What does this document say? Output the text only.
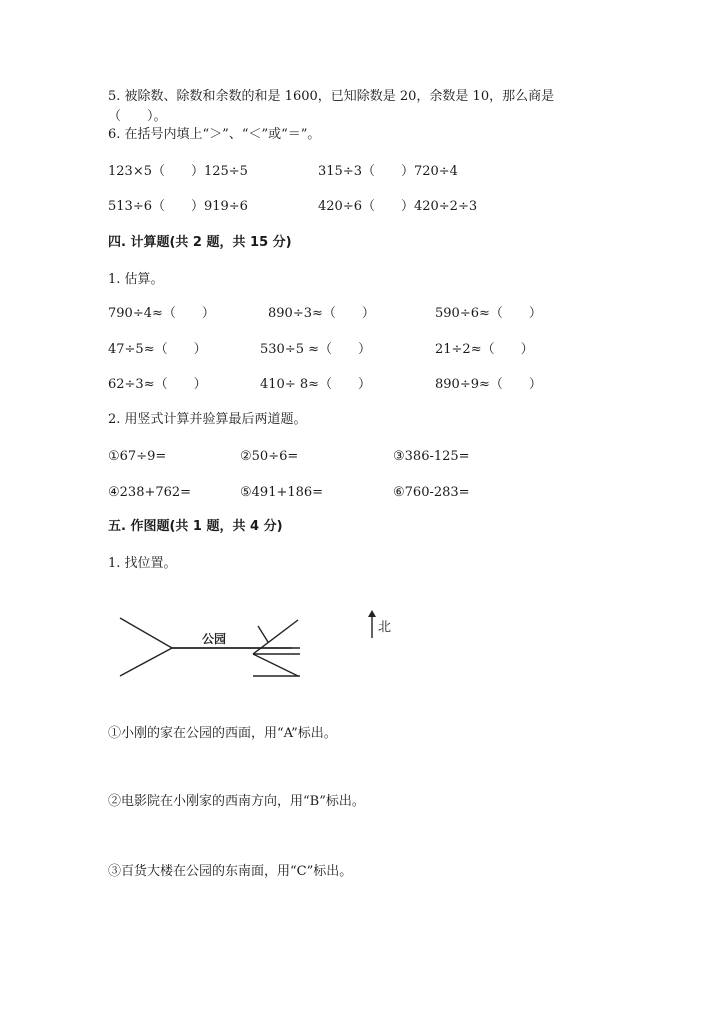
5. 被除数、除数和余数的和是 1600，已知除数是 20，余数是 10，那么商是
（　　）。
6. 在括号内填上“＞”、“＜”或“＝”。
123×5（　　）125÷5	315÷3（　　）720÷4
513÷6（　　）919÷6	420÷6（　　）420÷2÷3
四. 计算题(共 2 题，共 15 分)
1. 估算。
790÷4≈（　　）	890÷3≈（　　）	590÷6≈（　　）
47÷5≈（　　）	530÷5 ≈（　　）	21÷2≈（　　）
62÷3≈（　　）	410÷ 8≈（　　）	890÷9≈（　　）
2. 用竖式计算并验算最后两道题。
①67÷9=	②50÷6=	③386-125=
④238+762=	⑤491+186=	⑥760-283=
五. 作图题(共 1 题，共 4 分)
1. 找位置。
公园
北
①小刚的家在公园的西面，用“A”标出。
②电影院在小刚家的西南方向，用“B”标出。
③百货大楼在公园的东南面，用“C”标出。
